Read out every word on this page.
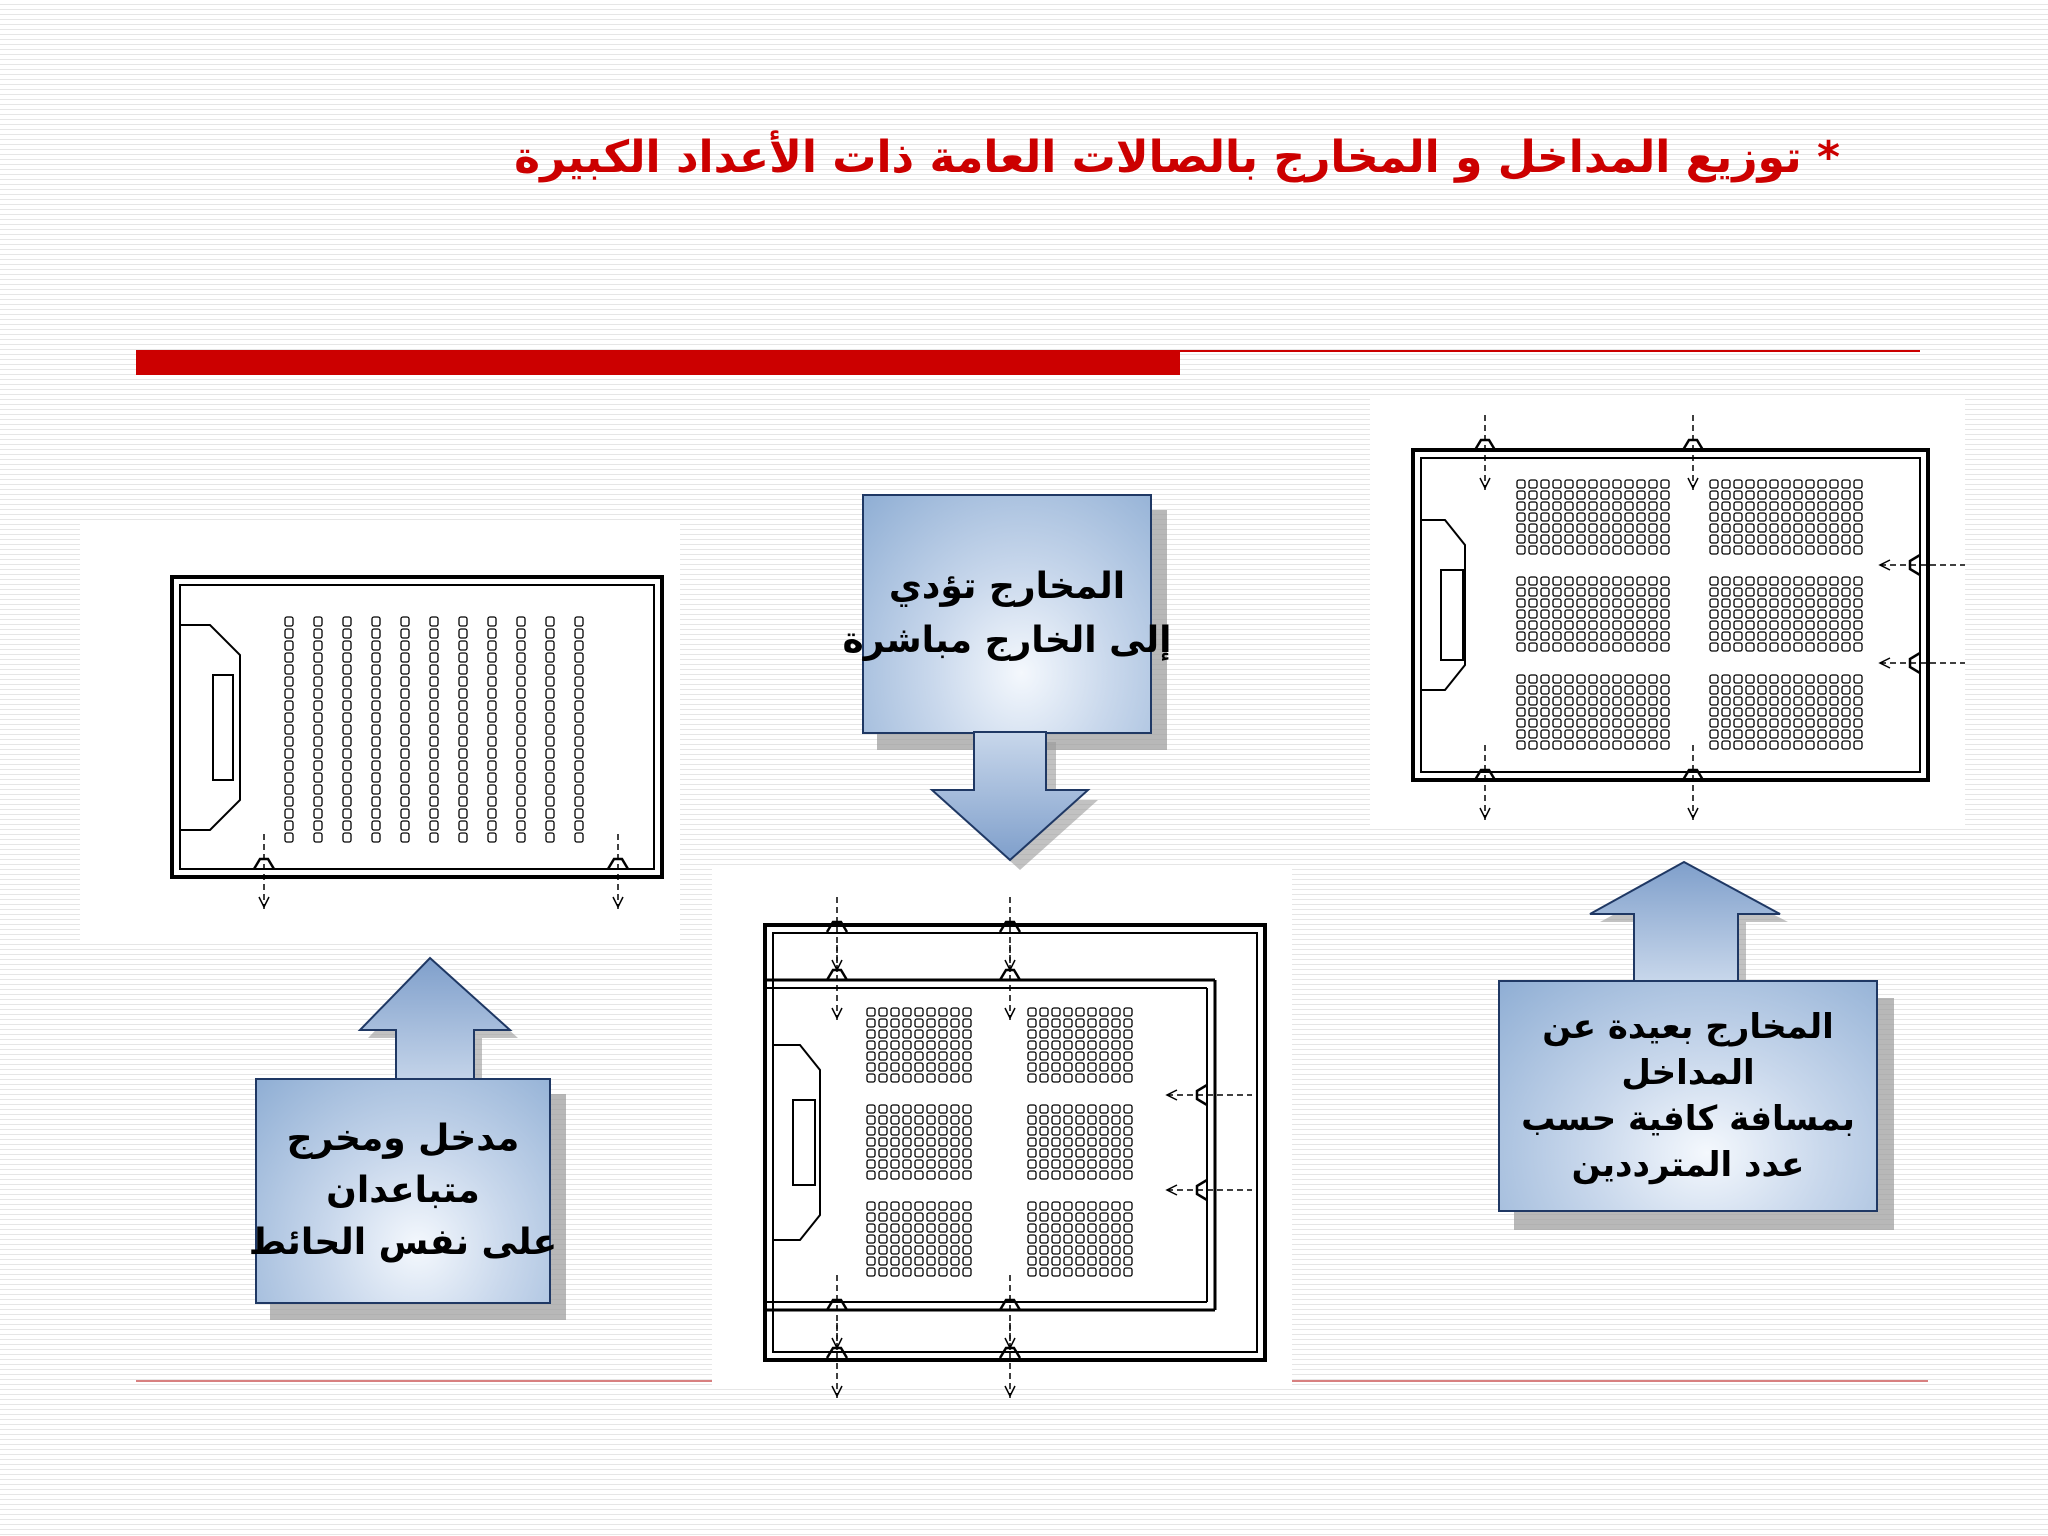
* توزيع المداخل و المخارج بالصالات العامة ذات الأعداد الكبيرة
مدخل ومخرج
متباعدان
على نفس الحائط
المخارج تؤدي
إلى الخارج مباشرة
المخارج بعيدة عن
المداخل
بمسافة كافية حسب
عدد المترددين
